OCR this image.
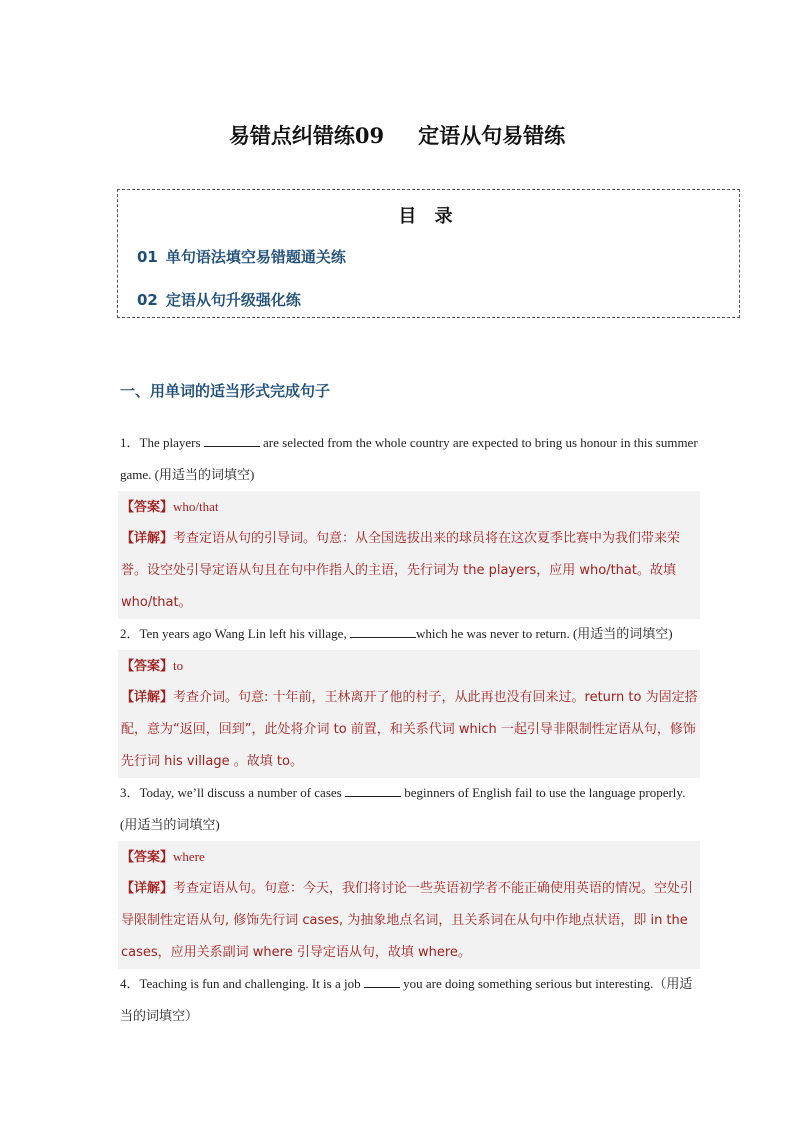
易错点纠错练09 定语从句易错练
目 录
01 单句语法填空易错题通关练
02 定语从句升级强化练
一、用单词的适当形式完成句子
1．The players	are selected from the whole country are expected to bring us honour in this summer game. (用适当的词填空)
【答案】who/that
【详解】考查定语从句的引导词。句意：从全国选拔出来的球员将在这次夏季比赛中为我们带来荣誉。设空处引导定语从句且在句中作指人的主语，先行词为 the players，应用 who/that。故填 who/that。
2．Ten years ago Wang Lin left his village,	which he was never to return. (用适当的词填空)
【答案】to
【详解】考查介词。句意: 十年前，王林离开了他的村子，从此再也没有回来过。return to 为固定搭配，意为“返回，回到”，此处将介词 to 前置，和关系代词 which 一起引导非限制性定语从句，修饰先行词 his village 。故填 to。
3．Today, we’ll discuss a number of cases	beginners of English fail to use the language properly.(用适当的词填空)
【答案】where
【详解】考查定语从句。句意：今天，我们将讨论一些英语初学者不能正确使用英语的情况。空处引导限制性定语从句, 修饰先行词 cases, 为抽象地点名词，且关系词在从句中作地点状语，即 in the cases，应用关系副词 where 引导定语从句，故填 where。
4．Teaching is fun and challenging. It is a job	you are doing something serious but interesting.（用适当的词填空）
